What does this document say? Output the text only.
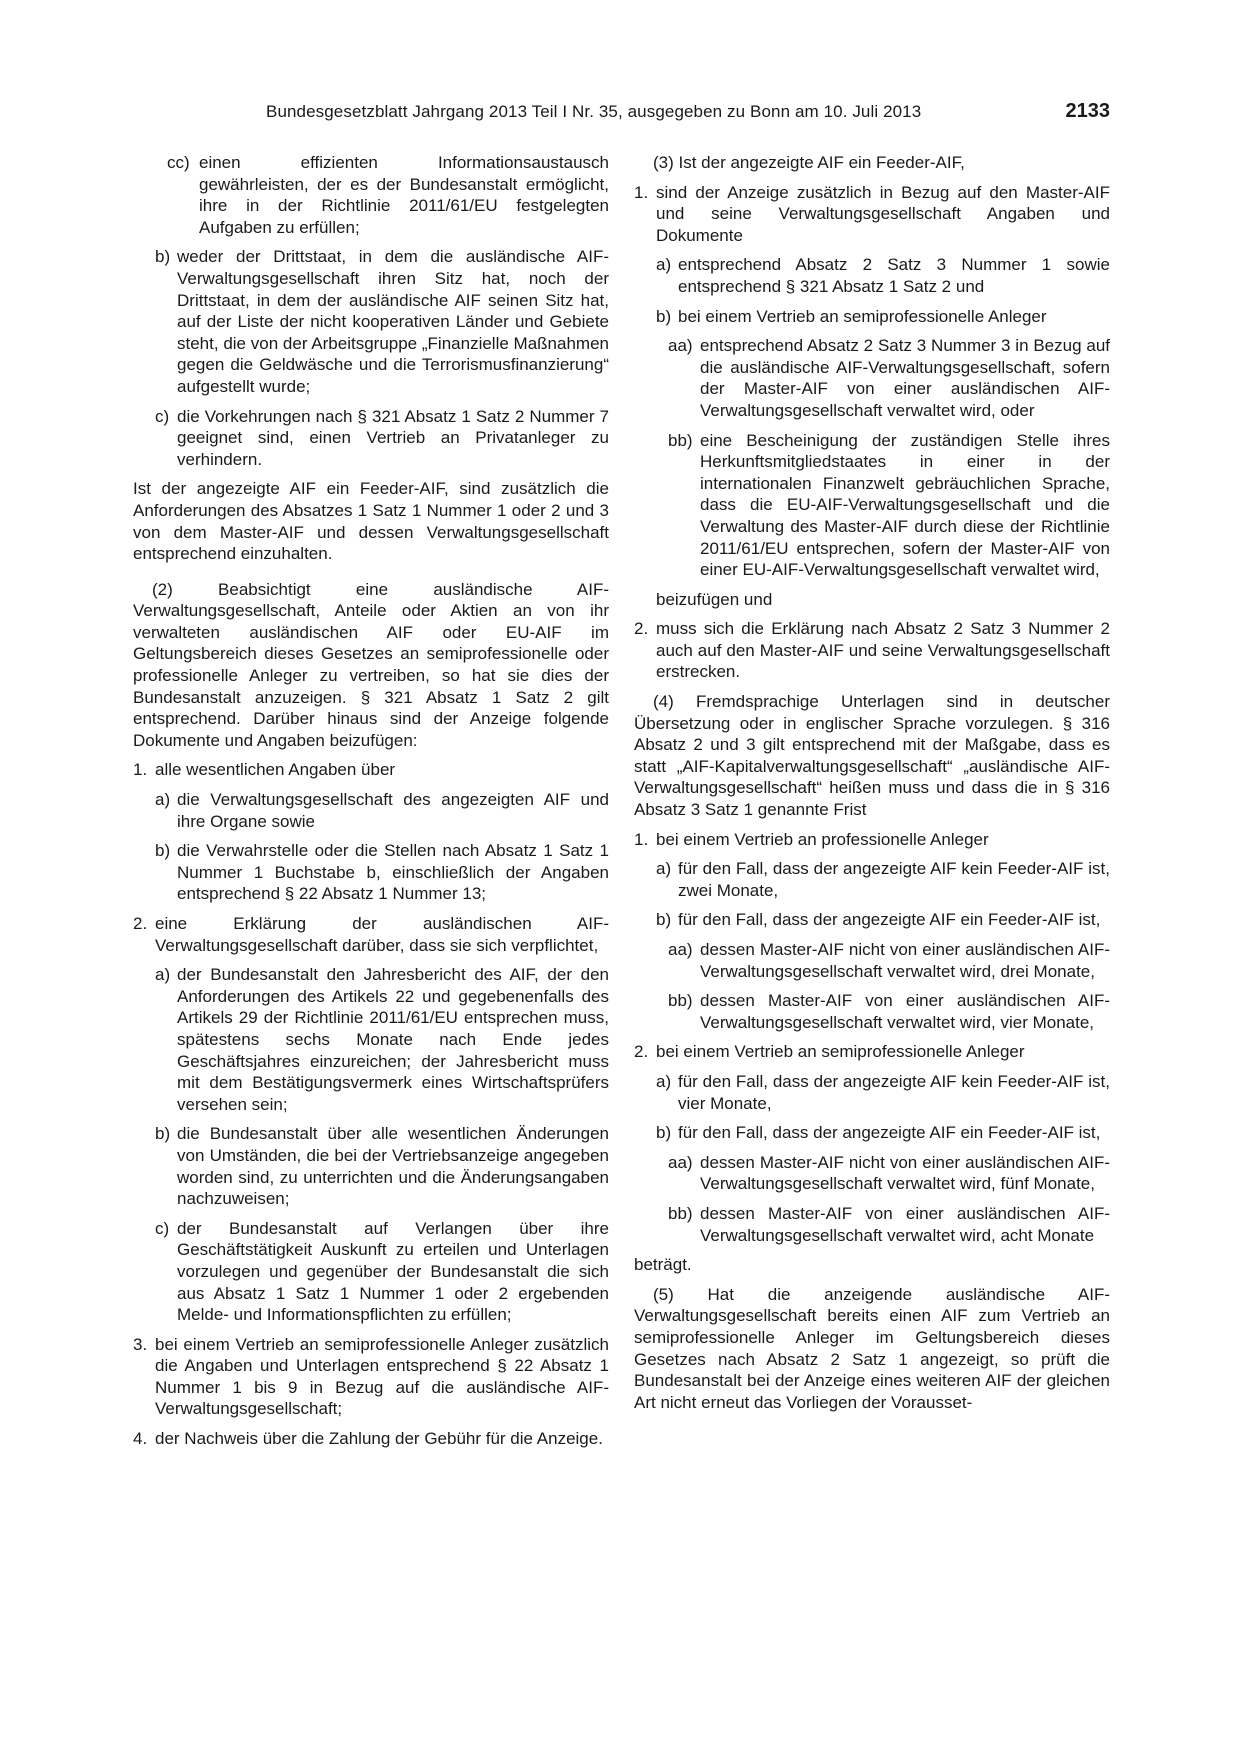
Bundesgesetzblatt Jahrgang 2013 Teil I Nr. 35, ausgegeben zu Bonn am 10. Juli 2013	2133
cc) einen effizienten Informationsaustausch gewährleisten, der es der Bundesanstalt ermöglicht, ihre in der Richtlinie 2011/61/EU festgelegten Aufgaben zu erfüllen;
b) weder der Drittstaat, in dem die ausländische AIF-Verwaltungsgesellschaft ihren Sitz hat, noch der Drittstaat, in dem der ausländische AIF seinen Sitz hat, auf der Liste der nicht kooperativen Länder und Gebiete steht, die von der Arbeitsgruppe „Finanzielle Maßnahmen gegen die Geldwäsche und die Terrorismusfinanzierung“ aufgestellt wurde;
c) die Vorkehrungen nach § 321 Absatz 1 Satz 2 Nummer 7 geeignet sind, einen Vertrieb an Privatanleger zu verhindern.

Ist der angezeigte AIF ein Feeder-AIF, sind zusätzlich die Anforderungen des Absatzes 1 Satz 1 Nummer 1 oder 2 und 3 von dem Master-AIF und dessen Verwaltungsgesellschaft entsprechend einzuhalten.

(2) Beabsichtigt eine ausländische AIF-Verwaltungsgesellschaft, Anteile oder Aktien an von ihr verwalteten ausländischen AIF oder EU-AIF im Geltungsbereich dieses Gesetzes an semiprofessionelle oder professionelle Anleger zu vertreiben, so hat sie dies der Bundesanstalt anzuzeigen. § 321 Absatz 1 Satz 2 gilt entsprechend. Darüber hinaus sind der Anzeige folgende Dokumente und Angaben beizufügen:

1. alle wesentlichen Angaben über
a) die Verwaltungsgesellschaft des angezeigten AIF und ihre Organe sowie
b) die Verwahrstelle oder die Stellen nach Absatz 1 Satz 1 Nummer 1 Buchstabe b, einschließlich der Angaben entsprechend § 22 Absatz 1 Nummer 13;
2. eine Erklärung der ausländischen AIF-Verwaltungsgesellschaft darüber, dass sie sich verpflichtet,
a) der Bundesanstalt den Jahresbericht des AIF, der den Anforderungen des Artikels 22 und gegebenenfalls des Artikels 29 der Richtlinie 2011/61/EU entsprechen muss, spätestens sechs Monate nach Ende jedes Geschäftsjahres einzureichen; der Jahresbericht muss mit dem Bestätigungsvermerk eines Wirtschaftsprüfers versehen sein;
b) die Bundesanstalt über alle wesentlichen Änderungen von Umständen, die bei der Vertriebsanzeige angegeben worden sind, zu unterrichten und die Änderungsangaben nachzuweisen;
c) der Bundesanstalt auf Verlangen über ihre Geschäftstätigkeit Auskunft zu erteilen und Unterlagen vorzulegen und gegenüber der Bundesanstalt die sich aus Absatz 1 Satz 1 Nummer 1 oder 2 ergebenden Melde- und Informationspflichten zu erfüllen;
3. bei einem Vertrieb an semiprofessionelle Anleger zusätzlich die Angaben und Unterlagen entsprechend § 22 Absatz 1 Nummer 1 bis 9 in Bezug auf die ausländische AIF-Verwaltungsgesellschaft;
4. der Nachweis über die Zahlung der Gebühr für die Anzeige.

(3) Ist der angezeigte AIF ein Feeder-AIF,

1. sind der Anzeige zusätzlich in Bezug auf den Master-AIF und seine Verwaltungsgesellschaft Angaben und Dokumente
a) entsprechend Absatz 2 Satz 3 Nummer 1 sowie entsprechend § 321 Absatz 1 Satz 2 und
b) bei einem Vertrieb an semiprofessionelle Anleger
aa) entsprechend Absatz 2 Satz 3 Nummer 3 in Bezug auf die ausländische AIF-Verwaltungsgesellschaft, sofern der Master-AIF von einer ausländischen AIF-Verwaltungsgesellschaft verwaltet wird, oder
bb) eine Bescheinigung der zuständigen Stelle ihres Herkunftsmitgliedstaates in einer in der internationalen Finanzwelt gebräuchlichen Sprache, dass die EU-AIF-Verwaltungsgesellschaft und die Verwaltung des Master-AIF durch diese der Richtlinie 2011/61/EU entsprechen, sofern der Master-AIF von einer EU-AIF-Verwaltungsgesellschaft verwaltet wird,

beizufügen und

2. muss sich die Erklärung nach Absatz 2 Satz 3 Nummer 2 auch auf den Master-AIF und seine Verwaltungsgesellschaft erstrecken.

(4) Fremdsprachige Unterlagen sind in deutscher Übersetzung oder in englischer Sprache vorzulegen. § 316 Absatz 2 und 3 gilt entsprechend mit der Maßgabe, dass es statt „AIF-Kapitalverwaltungsgesellschaft“ „ausländische AIF-Verwaltungsgesellschaft“ heißen muss und dass die in § 316 Absatz 3 Satz 1 genannte Frist

1. bei einem Vertrieb an professionelle Anleger
a) für den Fall, dass der angezeigte AIF kein Feeder-AIF ist, zwei Monate,
b) für den Fall, dass der angezeigte AIF ein Feeder-AIF ist,
aa) dessen Master-AIF nicht von einer ausländischen AIF-Verwaltungsgesellschaft verwaltet wird, drei Monate,
bb) dessen Master-AIF von einer ausländischen AIF-Verwaltungsgesellschaft verwaltet wird, vier Monate,
2. bei einem Vertrieb an semiprofessionelle Anleger
a) für den Fall, dass der angezeigte AIF kein Feeder-AIF ist, vier Monate,
b) für den Fall, dass der angezeigte AIF ein Feeder-AIF ist,
aa) dessen Master-AIF nicht von einer ausländischen AIF-Verwaltungsgesellschaft verwaltet wird, fünf Monate,
bb) dessen Master-AIF von einer ausländischen AIF-Verwaltungsgesellschaft verwaltet wird, acht Monate

beträgt.

(5) Hat die anzeigende ausländische AIF-Verwaltungsgesellschaft bereits einen AIF zum Vertrieb an semiprofessionelle Anleger im Geltungsbereich dieses Gesetzes nach Absatz 2 Satz 1 angezeigt, so prüft die Bundesanstalt bei der Anzeige eines weiteren AIF der gleichen Art nicht erneut das Vorliegen der Vorausset-
